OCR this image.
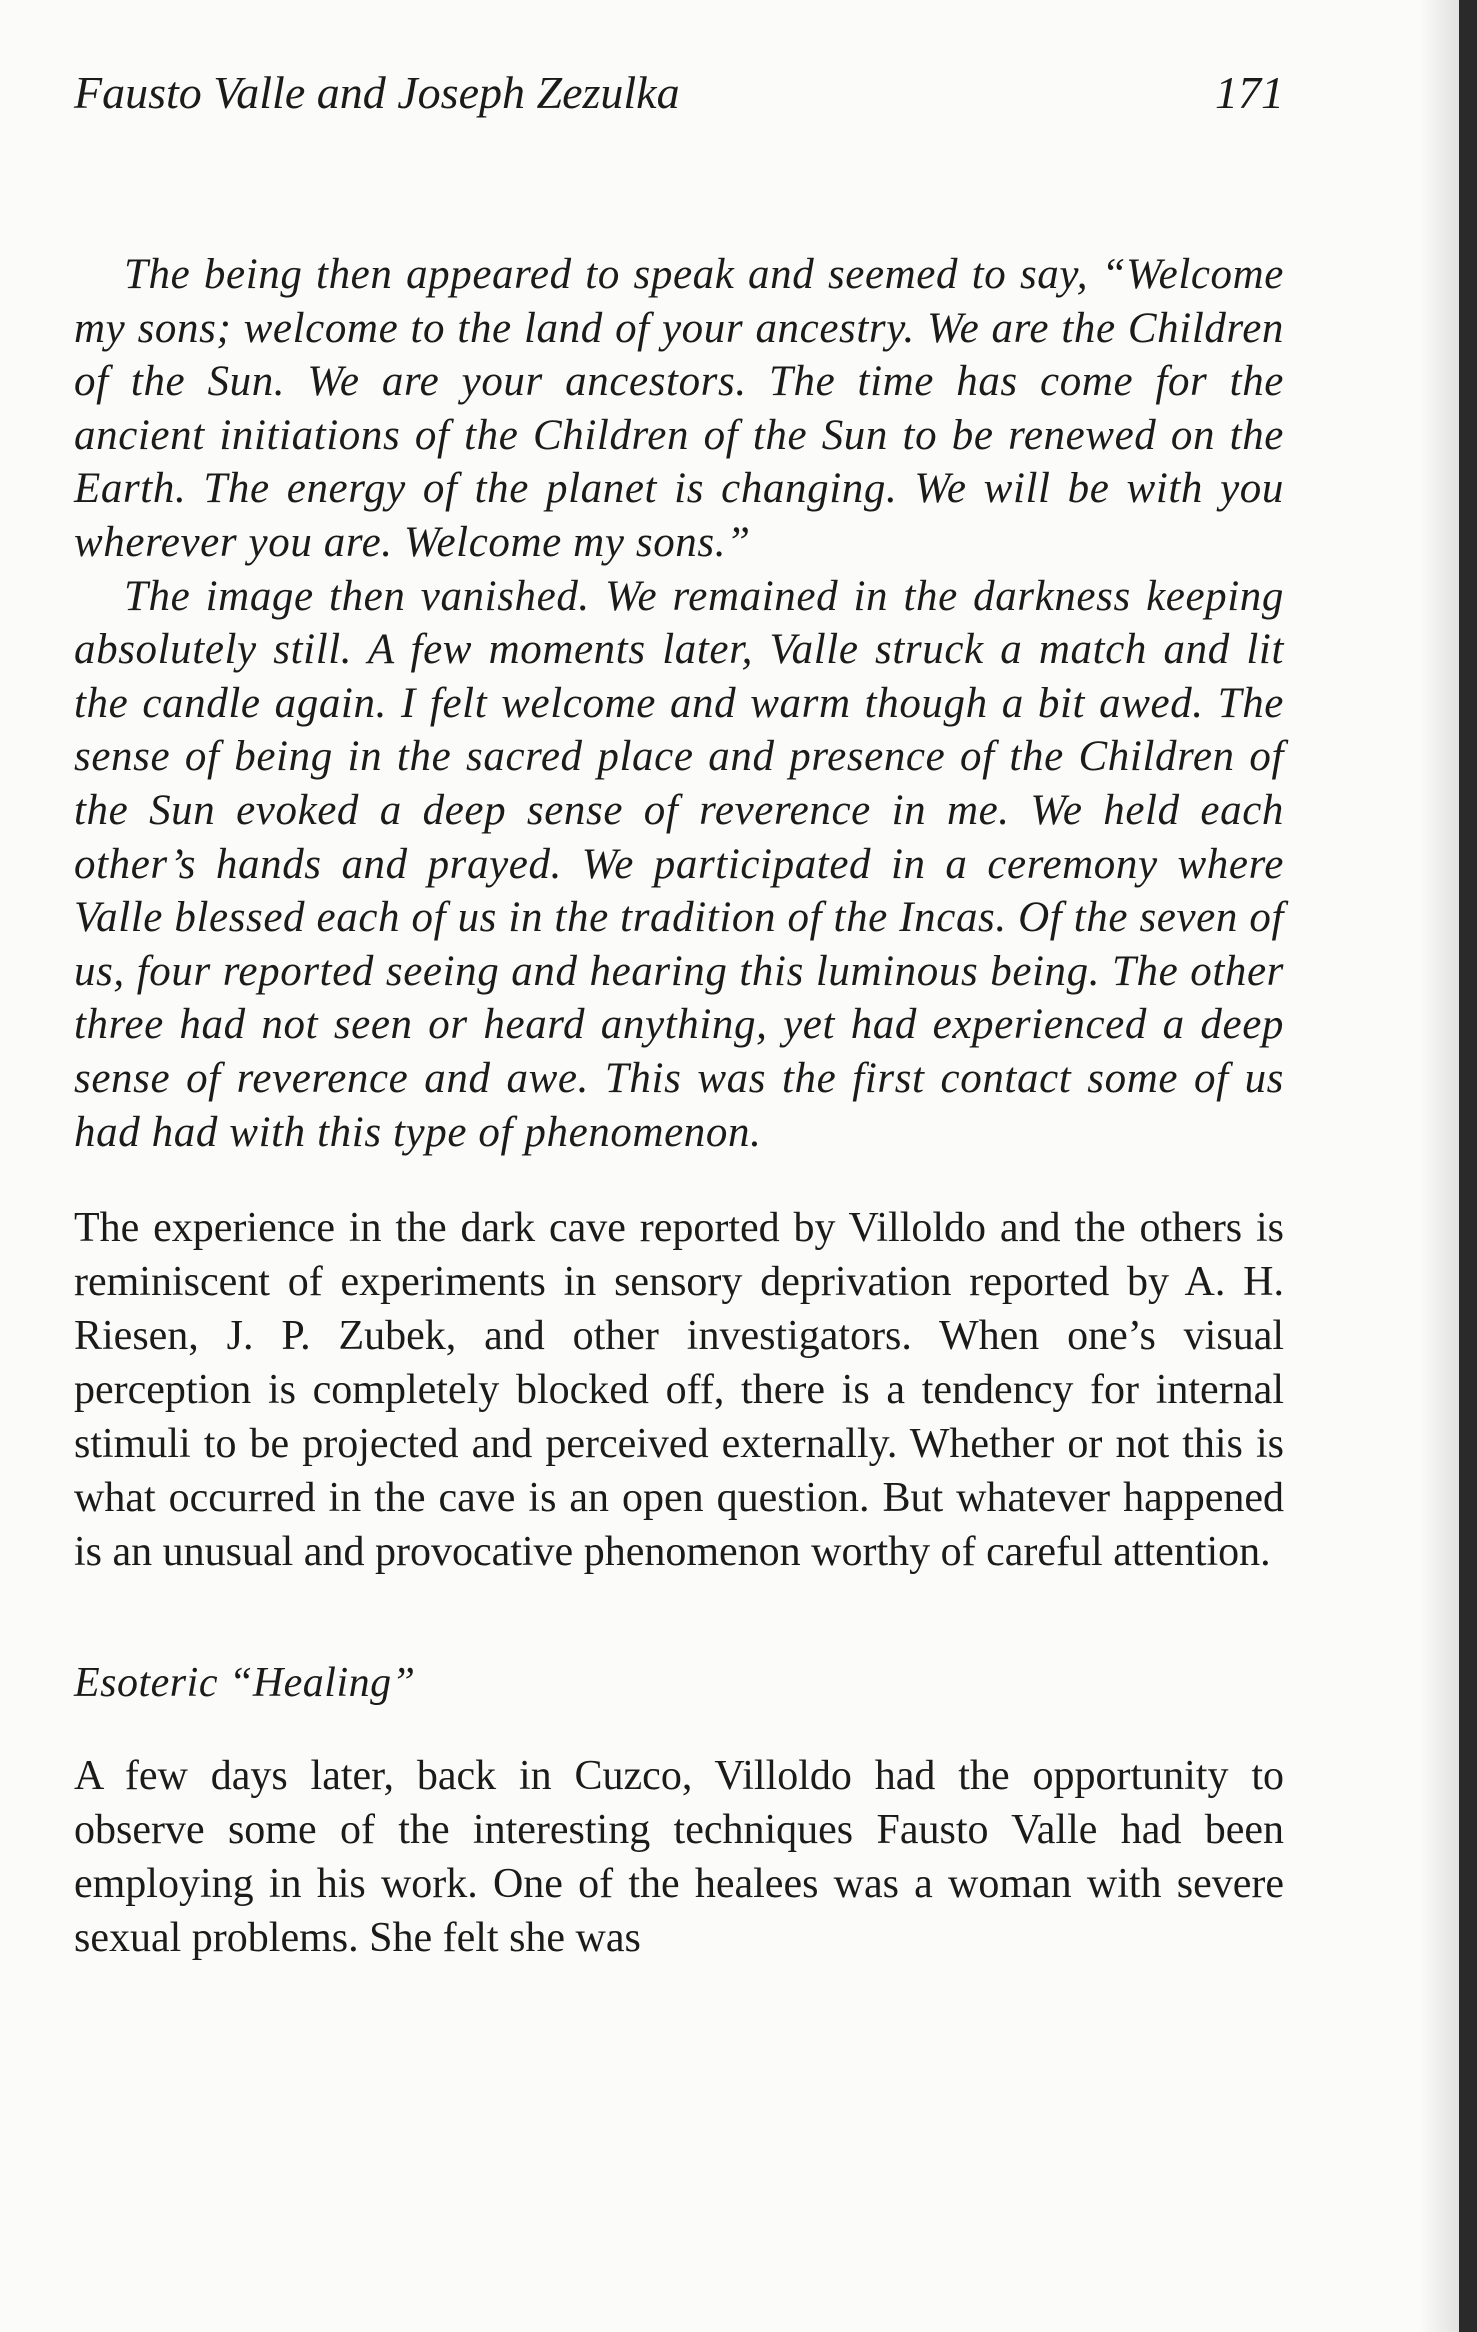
Fausto Valle and Joseph Zezulka	171

The being then appeared to speak and seemed to say, “Welcome my sons; welcome to the land of your ancestry. We are the Children of the Sun. We are your ancestors. The time has come for the ancient initiations of the Children of the Sun to be renewed on the Earth. The energy of the planet is changing. We will be with you wherever you are. Welcome my sons.”

The image then vanished. We remained in the darkness keeping absolutely still. A few moments later, Valle struck a match and lit the candle again. I felt welcome and warm though a bit awed. The sense of being in the sacred place and presence of the Children of the Sun evoked a deep sense of reverence in me. We held each other’s hands and prayed. We participated in a ceremony where Valle blessed each of us in the tradition of the Incas. Of the seven of us, four reported seeing and hearing this luminous being. The other three had not seen or heard anything, yet had experienced a deep sense of reverence and awe. This was the first contact some of us had had with this type of phenomenon.

The experience in the dark cave reported by Villoldo and the others is reminiscent of experiments in sensory deprivation reported by A. H. Riesen, J. P. Zubek, and other investigators. When one’s visual perception is completely blocked off, there is a tendency for internal stimuli to be projected and perceived externally. Whether or not this is what occurred in the cave is an open question. But whatever happened is an unusual and provocative phenomenon worthy of careful attention.

Esoteric “Healing”

A few days later, back in Cuzco, Villoldo had the opportunity to observe some of the interesting techniques Fausto Valle had been employing in his work. One of the healees was a woman with severe sexual problems. She felt she was
